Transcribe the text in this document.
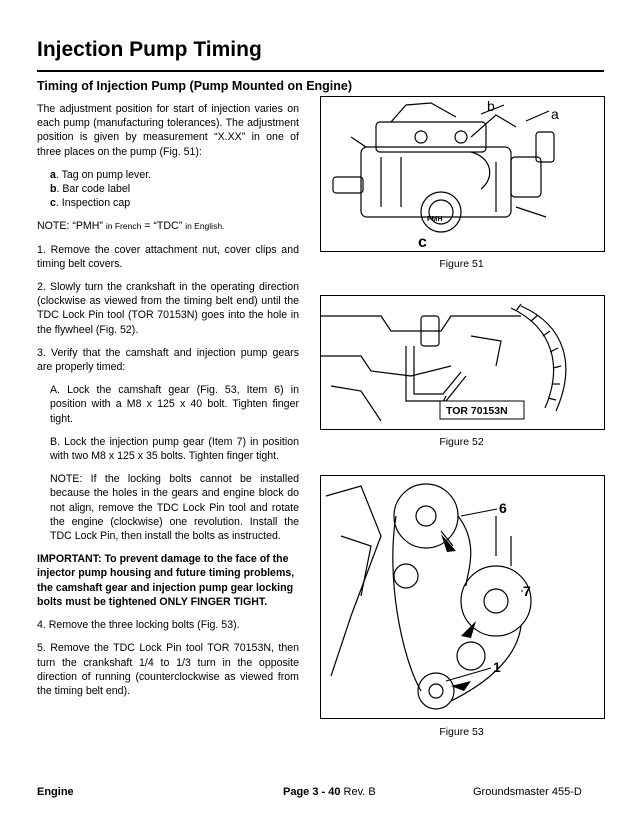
Injection Pump Timing
Timing of Injection Pump (Pump Mounted on Engine)

The adjustment position for start of injection varies on each pump (manufacturing tolerances). The adjustment position is given by measurement “X.XX” in one of three places on the pump (Fig. 51):

a. Tag on pump lever.
b. Bar code label
c. Inspection cap

NOTE: “PMH” in French = “TDC” in English.

1. Remove the cover attachment nut, cover clips and timing belt covers.

2. Slowly turn the crankshaft in the operating direction (clockwise as viewed from the timing belt end) until the TDC Lock Pin tool (TOR 70153N) goes into the hole in the flywheel (Fig. 52).

3. Verify that the camshaft and injection pump gears are properly timed:

A. Lock the camshaft gear (Fig. 53, Item 6) in position with a M8 x 125 x 40 bolt. Tighten finger tight.

B. Lock the injection pump gear (Item 7) in position with two M8 x 125 x 35 bolts. Tighten finger tight.

NOTE: If the locking bolts cannot be installed because the holes in the gears and engine block do not align, remove the TDC Lock Pin tool and rotate the engine (clockwise) one revolution. Install the TDC Lock Pin, then install the bolts as instructed.

IMPORTANT: To prevent damage to the face of the injector pump housing and future timing problems, the camshaft gear and injection pump gear locking bolts must be tightened ONLY FINGER TIGHT.

4. Remove the three locking bolts (Fig. 53).

5. Remove the TDC Lock Pin tool TOR 70153N, then turn the crankshaft 1/4 to 1/3 turn in the opposite direction of running (counterclockwise as viewed from the timing belt end).

PMH
b	a
c
Figure 51
TOR 70153N
Figure 52
6
7
1
Figure 53
Engine	Page 3 - 40 Rev. B	Groundsmaster 455-D
